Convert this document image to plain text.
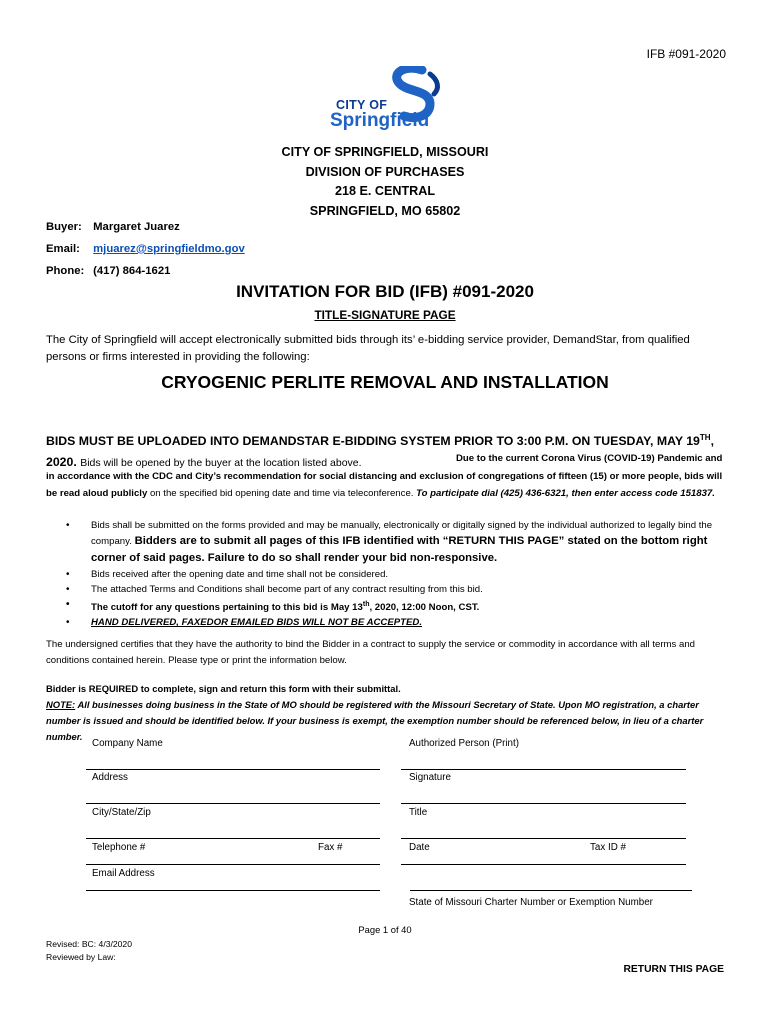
IFB #091-2020
CITY OF
Springfield
CITY OF SPRINGFIELD, MISSOURI
DIVISION OF PURCHASES
218 E. CENTRAL
SPRINGFIELD, MO 65802
Buyer: Margaret Juarez
Email: mjuarez@springfieldmo.gov
Phone: (417) 864-1621
INVITATION FOR BID (IFB) #091-2020
TITLE-SIGNATURE PAGE
The City of Springfield will accept electronically submitted bids through its’ e-bidding service provider, DemandStar, from qualified persons or firms interested in providing the following:
CRYOGENIC PERLITE REMOVAL AND INSTALLATION
BIDS MUST BE UPLOADED INTO DEMANDSTAR E-BIDDING SYSTEM PRIOR TO 3:00 P.M. ON TUESDAY, MAY 19TH, 2020. Bids will be opened by the buyer at the location listed above.	Due to the current Corona Virus (COVID-19) Pandemic and in accordance with the CDC and City’s recommendation for social distancing and exclusion of congregations of fifteen (15) or more people, bids will be read aloud publicly on the specified bid opening date and time via teleconference. To participate dial (425) 436-6321, then enter access code 151837.
• Bids shall be submitted on the forms provided and may be manually, electronically or digitally signed by the individual authorized to legally bind the company. Bidders are to submit all pages of this IFB identified with “RETURN THIS PAGE” stated on the bottom right corner of said pages. Failure to do so shall render your bid non-responsive.
• Bids received after the opening date and time shall not be considered.
• The attached Terms and Conditions shall become part of any contract resulting from this bid.
• The cutoff for any questions pertaining to this bid is May 13th, 2020, 12:00 Noon, CST.
• HAND DELIVERED, FAXEDOR EMAILED BIDS WILL NOT BE ACCEPTED.
The undersigned certifies that they have the authority to bind the Bidder in a contract to supply the service or commodity in accordance with all terms and conditions contained herein. Please type or print the information below.
Bidder is REQUIRED to complete, sign and return this form with their submittal.
NOTE: All businesses doing business in the State of MO should be registered with the Missouri Secretary of State. Upon MO registration, a charter number is issued and should be identified below. If your business is exempt, the exemption number should be referenced below, in lieu of a charter number.
Company Name	Authorized Person (Print)
Address	Signature
City/State/Zip	Title
Telephone #	Fax #	Date	Tax ID #
Email Address
State of Missouri Charter Number or Exemption Number
Page 1 of 40
Revised: BC: 4/3/2020
Reviewed by Law:
RETURN THIS PAGE
